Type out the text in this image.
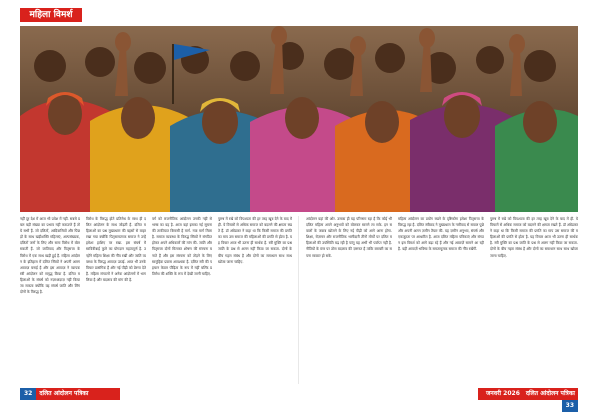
महिला विमर्श

नहीं दूर देश में आज भी प्रवेश में नहीं. सबसे प्रबल बड़ी संख्या का प्रभाव नहीं कराउन्ते हैं तो ये सभी हैं. जो दलितों, आदिवासियों और पिछड़ों के साथ खड़ीशक्ति महिलाएं, अल्पसंख्यक, दलितों जनों के लिए और सत्ता विरोध में बोल सकती हैं. जो जातिवाद और पितृसत्ता के विरोध में एक साथ खड़ी हुई हैं. महिला आंदोलन के इतिहास में दलित स्त्रियों ने अपनी अलग आवाज़ बनाई है और इस आवाज़ ने व्यापक स्त्री आंदोलन को समृद्ध किया है. दलित महिलाओं के संघर्ष को नज़रअंदाज़ नहीं किया जा सकता क्योंकि यह संघर्ष जाति और लिंग दोनों के विरुद्ध है.

विरोध के विरुद्ध होते प्रतिरोध के साथ ही दलित आंदोलन के साथ जोड़ती है. दलित महिलाओं का प्रश्न मुख्यधारा की बहसों से बाहर रखा गया क्योंकि पितृसत्तात्मक समाज ने उन्हें हमेशा हाशिए पर रखा. इस संघर्ष में सावित्रीबाई फुले का योगदान महत्वपूर्ण है. उन्होंने महिला शिक्षा की नींव रखी और जाति व्यवस्था के विरुद्ध आवाज़ उठाई. आज भी उनके विचार प्रासंगिक हैं और नई पीढ़ी को प्रेरणा देते हैं. महिला संगठनों ने अनेक आंदोलनों में भाग लिया है और बदलाव की मांग की है.

वर्ग को राजनीतिक आंदोलन उनकी नहीं से भाषा का यह है. आज वहां इसका नई सूचना की ताकीयात बिमासी है मार्ग. नया मार्ग मिला है. समाज व्यवस्था के विरुद्ध स्त्रियों ने संगठित होकर अपने अधिकारों की मांग की. जाति और पितृसत्ता दोनों मिलकर शोषण की संरचना बनाते हैं और इस संरचना को तोड़ने के लिए सामूहिक प्रयास आवश्यक है. दलित स्त्री की पहचान केवल पीड़िता के रूप में नहीं बल्कि प्रतिरोध की शक्ति के रूप में देखी जानी चाहिए.

पुरुष में रखे को विपश्यता की हर तरह खूब देने के बाद में ही. ये विचारों से अधिक समाज को बदलने की क्षमता रखते हैं. डॉ अंबेडकर ने कहा था कि किसी समाज की प्रगति का माप उस समाज की महिलाओं की प्रगति से होता है. यह विचार आज भी उतना ही सार्थक है. स्त्री मुक्ति का प्रश्न जाति के प्रश्न से अलग नहीं किया जा सकता. दोनों के बीच गहरा संबंध है और दोनों का समाधान साथ साथ खोजा जाना चाहिए.

आंदोलन यहां की ओर. उसका ही यह परिणाम रहा है कि कोई भी दलित महिला अपने अनुभवों को बोलकर सामने ला सके. इन सवालों के जवाब खोजने के लिए नई पीढ़ी को आगे आना होगा. शिक्षा, रोज़गार और राजनीतिक भागीदारी तीनों मोर्चों पर दलित महिलाओं की उपस्थिति बढ़ रही है परंतु यह अभी भी पर्याप्त नहीं है. नीतियों के स्तर पर ठोस बदलाव की ज़रूरत है ताकि बराबरी का सपना साकार हो सके.

महिला आंदोलन का प्रयोग रखने के दृष्टिकोण हमेशा पितृसत्ता के विरुद्ध रहा है. दलित स्त्रीवाद ने मुख्यधारा के नारीवाद से सवाल पूछे और अपनी अलग ज़मीन तैयार की. यह ज़मीन अनुभव, संघर्ष और एकजुटता पर आधारित है. आज दलित महिला पत्रिकाएं और संगठन इस विमर्श को आगे बढ़ा रहे हैं और नई आवाज़ें सामने आ रही हैं. यही आवाज़ें भविष्य के समतामूलक समाज की नींव रखेंगी.

पुरुष में रखे को विपश्यता की हर तरह खूब देने के बाद में ही. ये विचारों से अधिक समाज को बदलने की क्षमता रखते हैं. डॉ अंबेडकर ने कहा था कि किसी समाज की प्रगति का माप उस समाज की महिलाओं की प्रगति से होता है. यह विचार आज भी उतना ही सार्थक है. स्त्री मुक्ति का प्रश्न जाति के प्रश्न से अलग नहीं किया जा सकता. दोनों के बीच गहरा संबंध है और दोनों का समाधान साथ साथ खोजा जाना चाहिए.

32 दलित आंदोलन पत्रिकाजनवरी 2026
जनवरी 2026 दलित आंदोलन पत्रिका33
